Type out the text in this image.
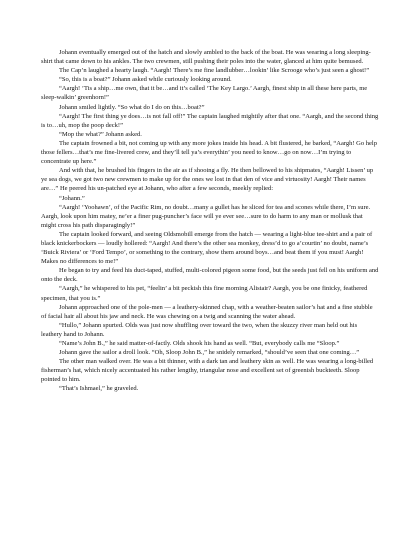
Johann eventually emerged out of the hatch and slowly ambled to the back of the boat. He was wearing a long sleeping-shirt that came down to his ankles. The two crewmen, still pushing their poles into the water, glanced at him quite bemused.

The Cap’n laughed a hearty laugh. “Aargh! There’s me fine landlubber…lookin’ like Scrooge who’s just seen a ghost!”

“So, this is a boat?” Johann asked while curiously looking around.

“Aargh! ’Tis a ship…me own, that it be…and it’s called ‘The Key Largo.’ Aargh, finest ship in all these here parts, me sleep-walkin’ greenhorn!”

Johann smiled lightly. “So what do I do on this…boat?”

“Aargh! The first thing ye does…is not fall off!” The captain laughed mightily after that one. “Aargh, and the second thing is to…uh, mop the poop deck!”

“Mop the what?” Johann asked.

The captain frowned a bit, not coming up with any more jokes inside his head. A bit flustered, he barked, “Aargh! Go help those fellers…that’s me fine-livered crew, and they’ll tell ya’s everythin’ you need to know…go on now…I’m trying to concentrate up here.”

And with that, he brushed his fingers in the air as if shooing a fly. He then bellowed to his shipmates, “Aargh! Lissen’ up ye sea dogs, we got two new crewmen to make up for the ones we lost in that den of vice and virtuosity! Aargh! Their names are…” He peered his un-patched eye at Johann, who after a few seconds, meekly replied:

“Johann.”

“Aargh! ‘Yoohawn’, of the Pacific Rim, no doubt…many a gullet has he sliced for tea and scones while there, I’m sure. Aargh, look upon him matey, ne’er a finer pug-puncher’s face will ye ever see…sure to do harm to any man or mollusk that might cross his path disparagingly!”

The captain looked forward, and seeing Oldsmobill emerge from the hatch — wearing a light-blue tee-shirt and a pair of black knickerbockers — loudly hollered: “Aargh! And there’s the other sea monkey, dress’d to go a’courtin’ no doubt, name’s ‘Buick Riviera’ or ‘Ford Tempo’, or something to the contrary, show them around boys…and beat them if you must! Aargh! Makes no differences to me!”

He began to try and feed his duct-taped, stuffed, multi-colored pigeon some food, but the seeds just fell on his uniform and onto the deck.

“Aargh,” he whispered to his pet, “feelin’ a bit peckish this fine morning Alistair? Aargh, you be one finicky, feathered specimen, that you is.”

Johann approached one of the pole-men — a leathery-skinned chap, with a weather-beaten sailor’s hat and a fine stubble of facial hair all about his jaw and neck. He was chewing on a twig and scanning the water ahead.

“Hullo,” Johann spurted. Olds was just now shuffling over toward the two, when the skuzzy river man held out his leathery hand to Johann.

“Name’s John B.,” he said matter-of-factly. Olds shook his hand as well. “But, everybody calls me “Sloop.”

Johann gave the sailor a droll look. “Oh, Sloop John B.,” he snidely remarked, “should’ve seen that one coming…”

The other man walked over. He was a bit thinner, with a dark tan and leathery skin as well. He was wearing a long-billed fisherman’s hat, which nicely accentuated his rather lengthy, triangular nose and excellent set of greenish buckteeth. Sloop pointed to him.

“That’s Ishmael,” he graveled.
